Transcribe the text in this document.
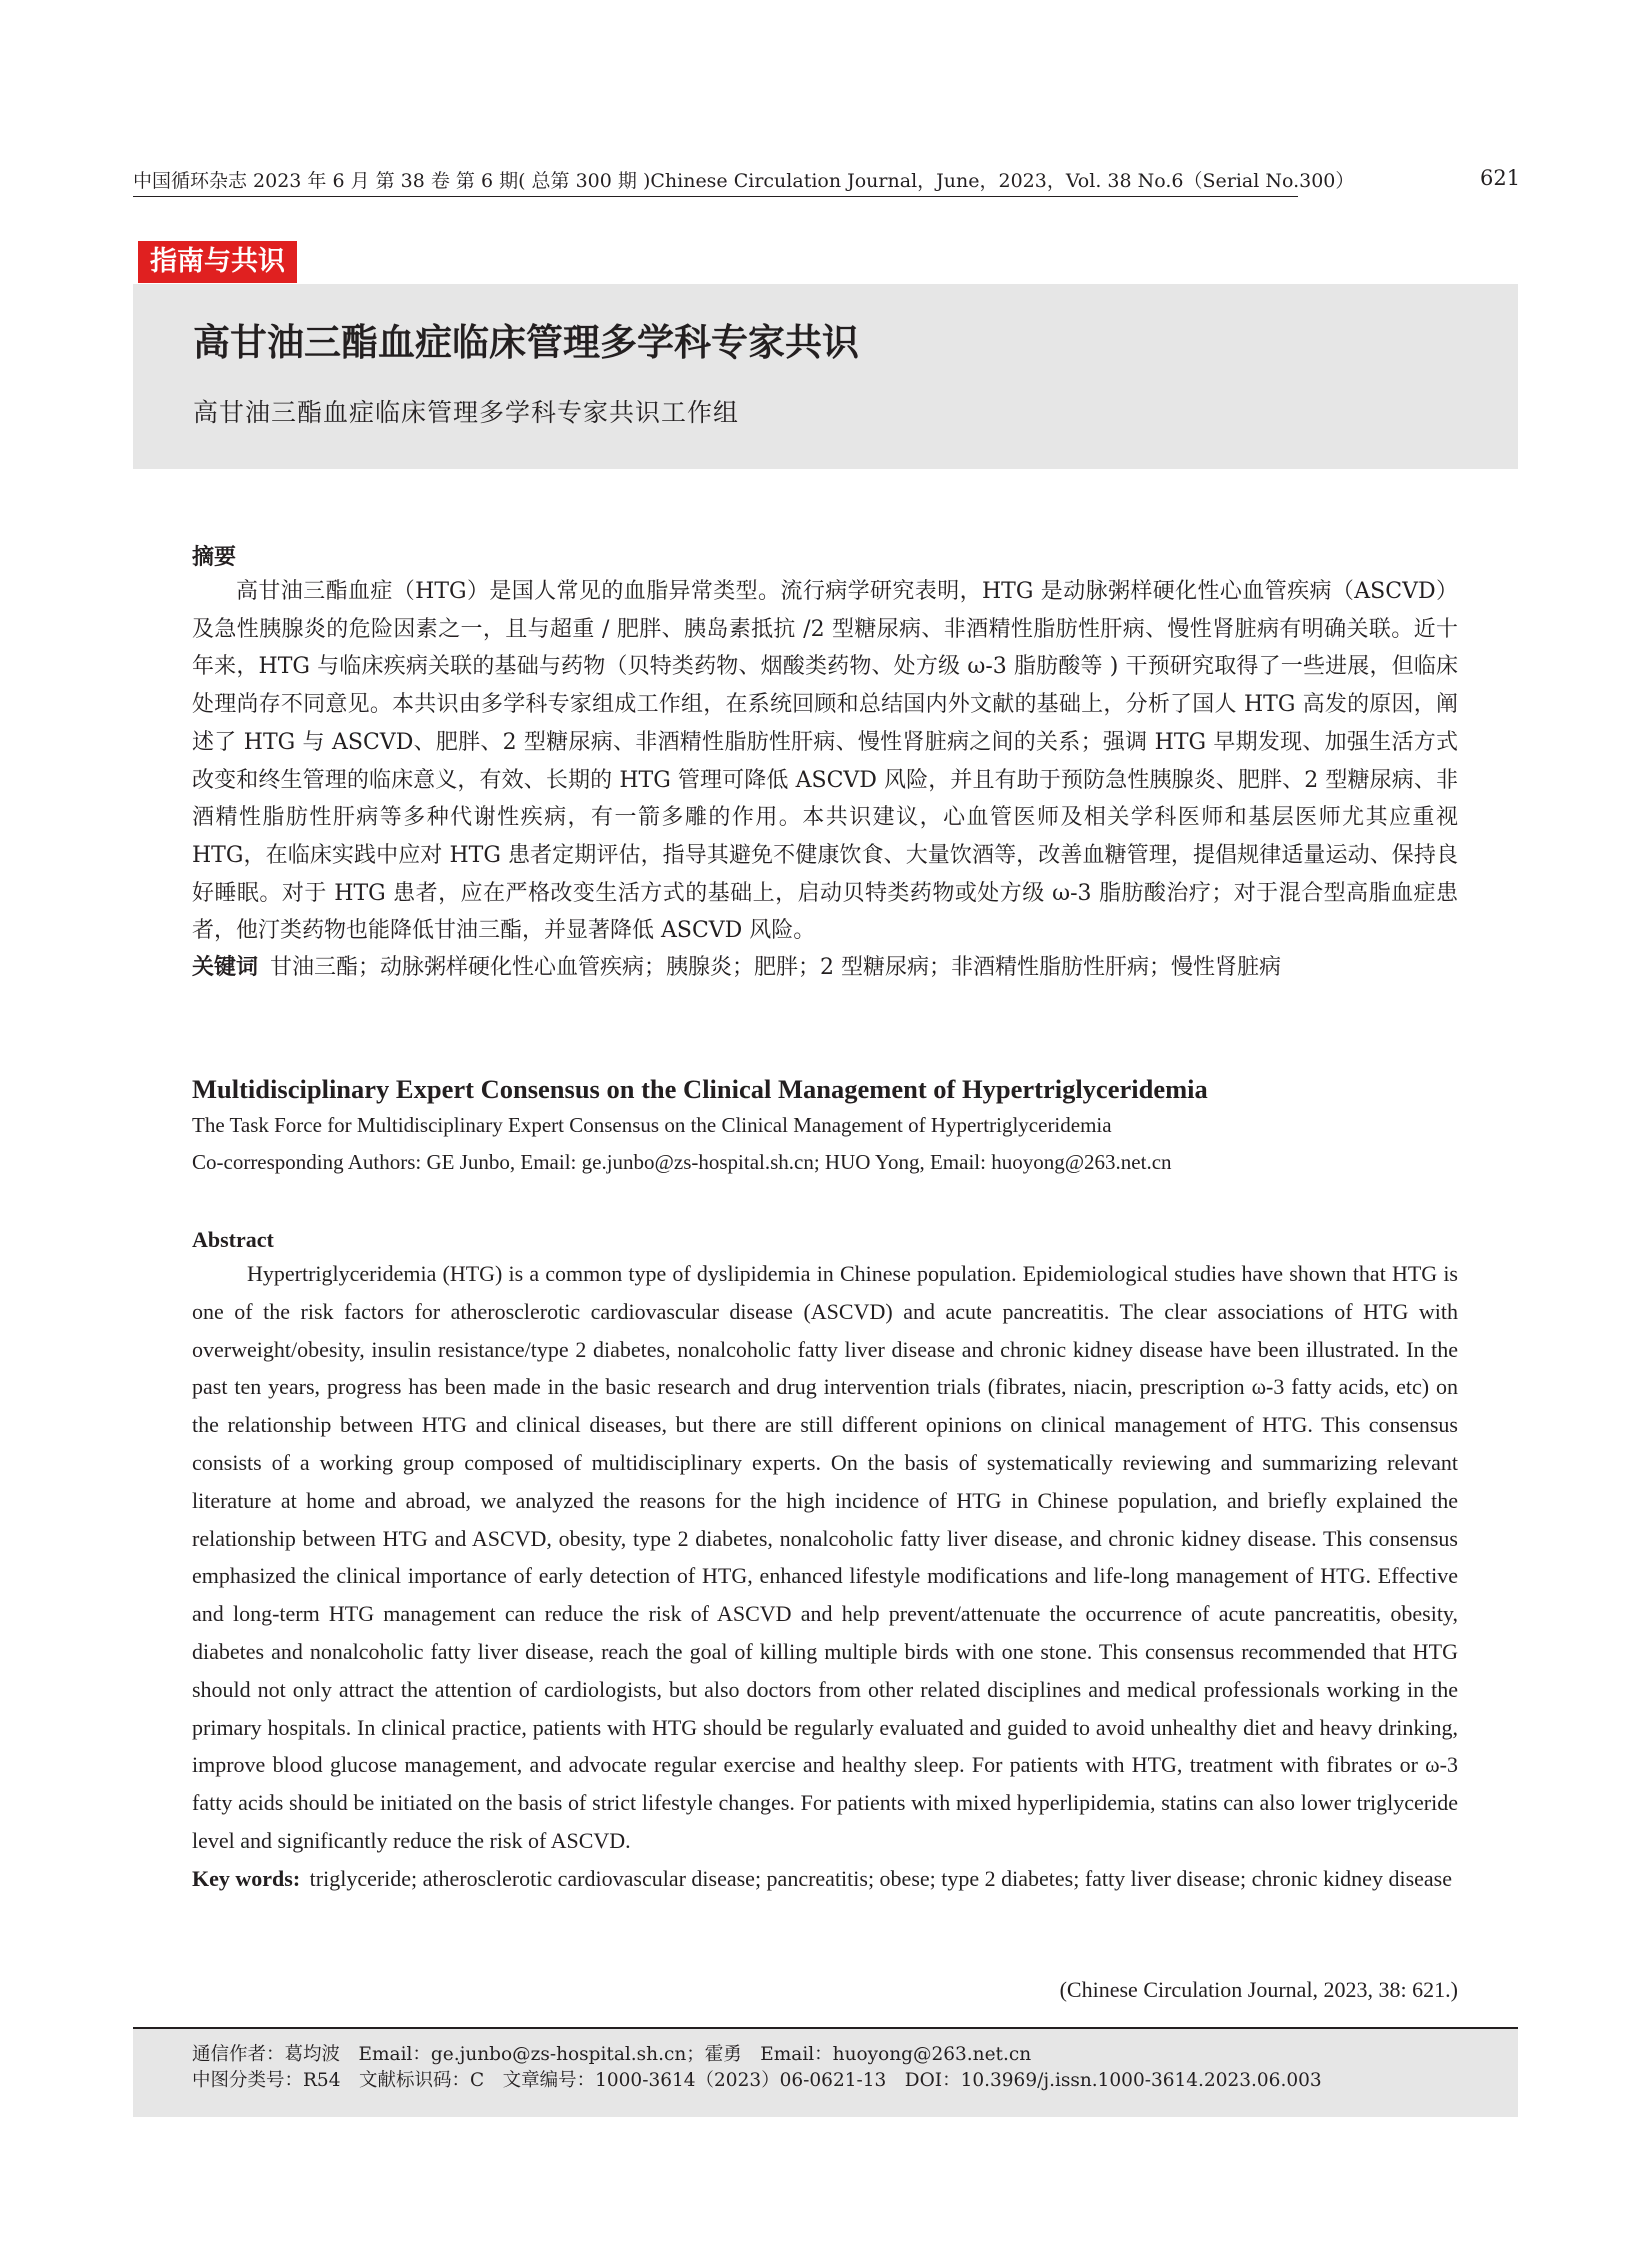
中国循环杂志 2023 年 6 月 第 38 卷 第 6 期( 总第 300 期 )Chinese Circulation Journal，June，2023，Vol. 38 No.6（Serial No.300）	621
指南与共识
高甘油三酯血症临床管理多学科专家共识
高甘油三酯血症临床管理多学科专家共识工作组
摘要

高甘油三酯血症（HTG）是国人常见的血脂异常类型。流行病学研究表明，HTG 是动脉粥样硬化性心血管疾病（ASCVD）及急性胰腺炎的危险因素之一，且与超重 / 肥胖、胰岛素抵抗 /2 型糖尿病、非酒精性脂肪性肝病、慢性肾脏病有明确关联。近十年来，HTG 与临床疾病关联的基础与药物（贝特类药物、烟酸类药物、处方级 ω-3 脂肪酸等 ) 干预研究取得了一些进展，但临床处理尚存不同意见。本共识由多学科专家组成工作组，在系统回顾和总结国内外文献的基础上，分析了国人 HTG 高发的原因，阐述了 HTG 与 ASCVD、肥胖、2 型糖尿病、非酒精性脂肪性肝病、慢性肾脏病之间的关系；强调 HTG 早期发现、加强生活方式改变和终生管理的临床意义，有效、长期的 HTG 管理可降低 ASCVD 风险，并且有助于预防急性胰腺炎、肥胖、2 型糖尿病、非酒精性脂肪性肝病等多种代谢性疾病，有一箭多雕的作用。本共识建议，心血管医师及相关学科医师和基层医师尤其应重视 HTG，在临床实践中应对 HTG 患者定期评估，指导其避免不健康饮食、大量饮酒等，改善血糖管理，提倡规律适量运动、保持良好睡眠。对于 HTG 患者，应在严格改变生活方式的基础上，启动贝特类药物或处方级 ω-3 脂肪酸治疗；对于混合型高脂血症患者，他汀类药物也能降低甘油三酯，并显著降低 ASCVD 风险。

关键词 甘油三酯；动脉粥样硬化性心血管疾病；胰腺炎；肥胖；2 型糖尿病；非酒精性脂肪性肝病；慢性肾脏病
Multidisciplinary Expert Consensus on the Clinical Management of Hypertriglyceridemia
The Task Force for Multidisciplinary Expert Consensus on the Clinical Management of Hypertriglyceridemia
Co-corresponding Authors: GE Junbo, Email: ge.junbo@zs-hospital.sh.cn; HUO Yong, Email: huoyong@263.net.cn
Abstract

Hypertriglyceridemia (HTG) is a common type of dyslipidemia in Chinese population. Epidemiological studies have shown that HTG is one of the risk factors for atherosclerotic cardiovascular disease (ASCVD) and acute pancreatitis. The clear associations of HTG with overweight/obesity, insulin resistance/type 2 diabetes, nonalcoholic fatty liver disease and chronic kidney disease have been illustrated. In the past ten years, progress has been made in the basic research and drug intervention trials (fibrates, niacin, prescription ω-3 fatty acids, etc) on the relationship between HTG and clinical diseases, but there are still different opinions on clinical management of HTG. This consensus consists of a working group composed of multidisciplinary experts. On the basis of systematically reviewing and summarizing relevant literature at home and abroad, we analyzed the reasons for the high incidence of HTG in Chinese population, and briefly explained the relationship between HTG and ASCVD, obesity, type 2 diabetes, nonalcoholic fatty liver disease, and chronic kidney disease. This consensus emphasized the clinical importance of early detection of HTG, enhanced lifestyle modifications and life-long management of HTG. Effective and long-term HTG management can reduce the risk of ASCVD and help prevent/attenuate the occurrence of acute pancreatitis, obesity, diabetes and nonalcoholic fatty liver disease, reach the goal of killing multiple birds with one stone. This consensus recommended that HTG should not only attract the attention of cardiologists, but also doctors from other related disciplines and medical professionals working in the primary hospitals. In clinical practice, patients with HTG should be regularly evaluated and guided to avoid unhealthy diet and heavy drinking, improve blood glucose management, and advocate regular exercise and healthy sleep. For patients with HTG, treatment with fibrates or ω-3 fatty acids should be initiated on the basis of strict lifestyle changes. For patients with mixed hyperlipidemia, statins can also lower triglyceride level and significantly reduce the risk of ASCVD.

Key words: triglyceride; atherosclerotic cardiovascular disease; pancreatitis; obese; type 2 diabetes; fatty liver disease; chronic kidney disease
(Chinese Circulation Journal, 2023, 38: 621.)
通信作者：葛均波　Email：ge.junbo@zs-hospital.sh.cn；霍勇　Email：huoyong@263.net.cn
中图分类号：R54　文献标识码：C　文章编号：1000-3614（2023）06-0621-13　DOI：10.3969/j.issn.1000-3614.2023.06.003
